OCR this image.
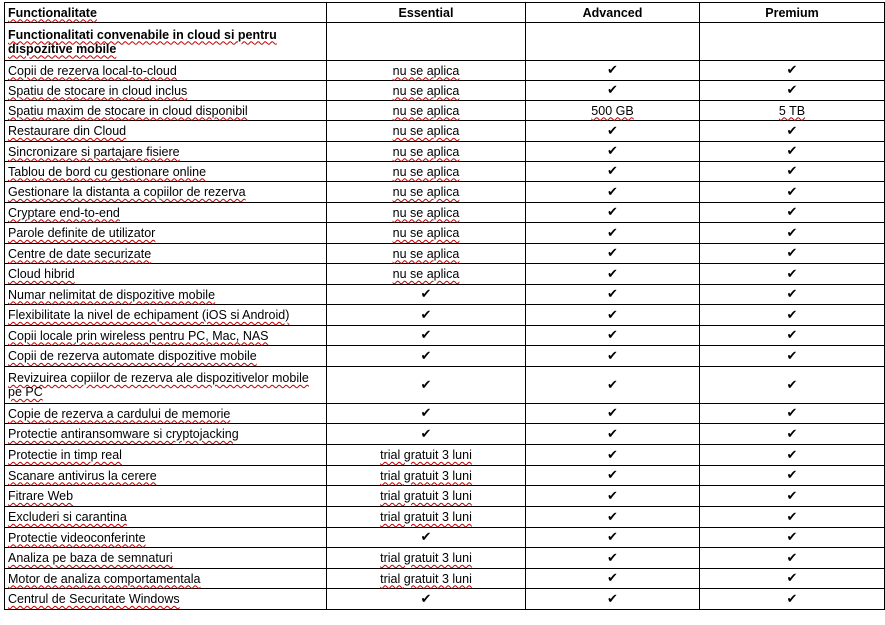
Functionalitate	Essential	Advanced	Premium
Functionalitati convenabile in cloud si pentru dispozitive mobile			
Copii de rezerva local-to-cloud	nu se aplica	✔	✔
Spatiu de stocare in cloud inclus	nu se aplica	✔	✔
Spatiu maxim de stocare in cloud disponibil	nu se aplica	500 GB	5 TB
Restaurare din Cloud	nu se aplica	✔	✔
Sincronizare si partajare fisiere	nu se aplica	✔	✔
Tablou de bord cu gestionare online	nu se aplica	✔	✔
Gestionare la distanta a copiilor de rezerva	nu se aplica	✔	✔
Cryptare end-to-end	nu se aplica	✔	✔
Parole definite de utilizator	nu se aplica	✔	✔
Centre de date securizate	nu se aplica	✔	✔
Cloud hibrid	nu se aplica	✔	✔
Numar nelimitat de dispozitive mobile	✔	✔	✔
Flexibilitate la nivel de echipament (iOS si Android)	✔	✔	✔
Copii locale prin wireless pentru PC, Mac, NAS	✔	✔	✔
Copii de rezerva automate dispozitive mobile	✔	✔	✔
Revizuirea copiilor de rezerva ale dispozitivelor mobile pe PC	✔	✔	✔
Copie de rezerva a cardului de memorie	✔	✔	✔
Protectie antiransomware si cryptojacking	✔	✔	✔
Protectie in timp real	trial gratuit 3 luni	✔	✔
Scanare antivirus la cerere	trial gratuit 3 luni	✔	✔
Fitrare Web	trial gratuit 3 luni	✔	✔
Excluderi si carantina	trial gratuit 3 luni	✔	✔
Protectie videoconferinte	✔	✔	✔
Analiza pe baza de semnaturi	trial gratuit 3 luni	✔	✔
Motor de analiza comportamentala	trial gratuit 3 luni	✔	✔
Centrul de Securitate Windows	✔	✔	✔
